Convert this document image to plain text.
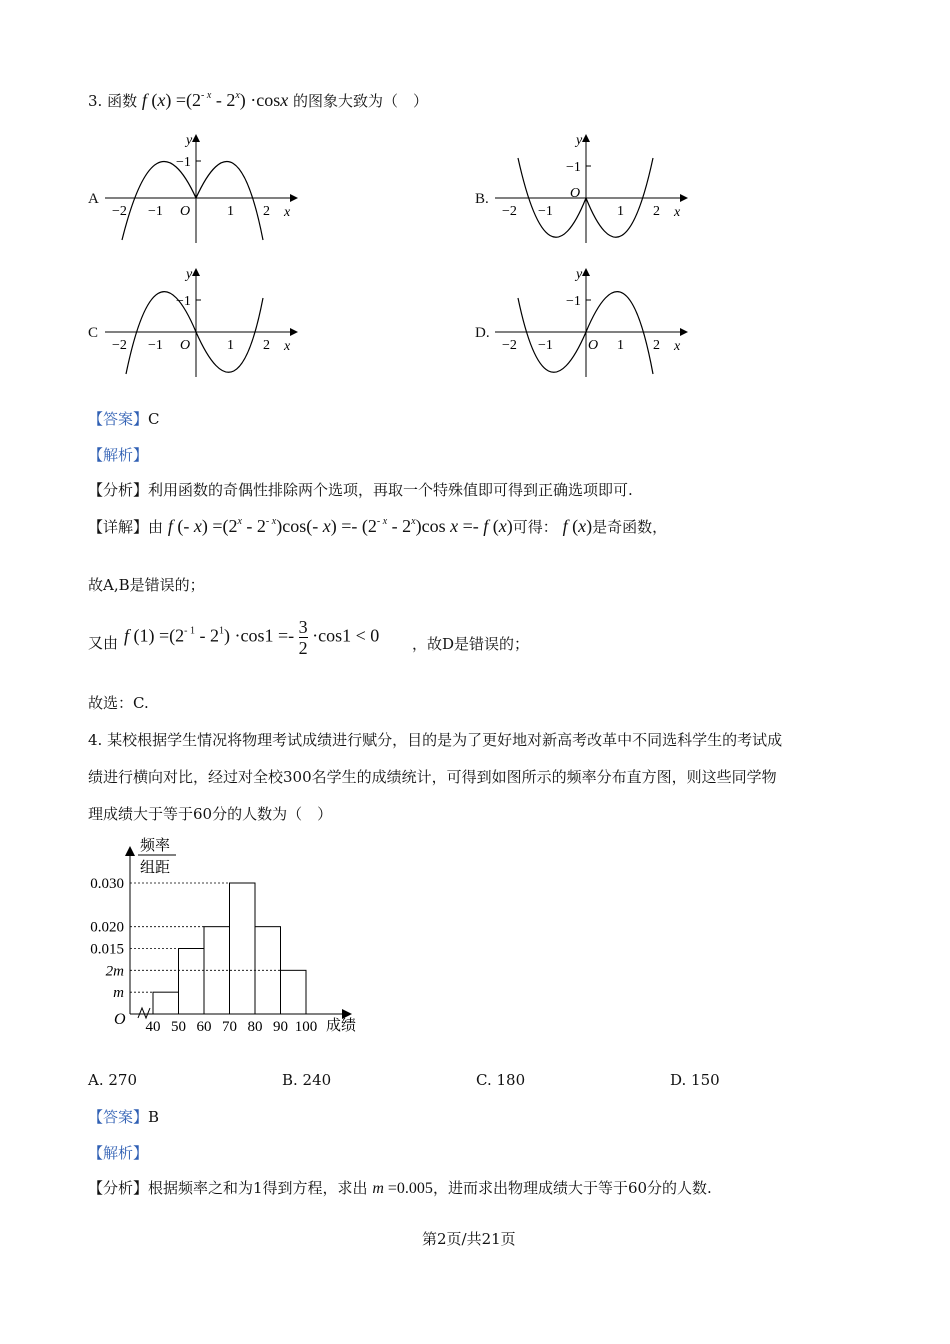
3. 函数 f $(x) =(2^{- x} - 2^x) \cdot\cos x$ 的图象大致为（　）
A
y
−1
x
O
−2 −1	1 2
B.
y
−1
x
O
−2 −1	1 2
C
y
−1
x
O
−2 −1	1 2
D.
y
−1
x
O
−2 −1	1 2
【答案】C
【解析】
【分析】利用函数的奇偶性排除两个选项，再取一个特殊值即可得到正确选项即可.
【详解】由 f (- $x) =(2^x - 2^{- x})\cos(-$ $x) =- (2^{- x} - 2^x)\cos$ x =- f (x)可得： f (x)是奇函数，
故A,B是错误的；
又由 f $(1) =(2^{- 1} - 2^1) \cdot\cos 1 =- 3$

2
·cos1 < 0 ，故D是错误的；
故选：C.
4. 某校根据学生情况将物理考试成绩进行赋分，目的是为了更好地对新高考改革中不同选科学生的考试成
绩进行横向对比，经过对全校300名学生的成绩统计，可得到如图所示的频率分布直方图，则这些同学物
理成绩大于等于60分的人数为（　）
频率
组距
O	成绩
40 50 60 70 80 90 100
m
0.015
0.020
0.030
2m
A. 270	B. 240	C. 180	D. 150
【答案】B
【解析】
【分析】根据频率之和为1得到方程，求出 m =0.005，进而求出物理成绩大于等于60分的人数.
第2页/共21页
